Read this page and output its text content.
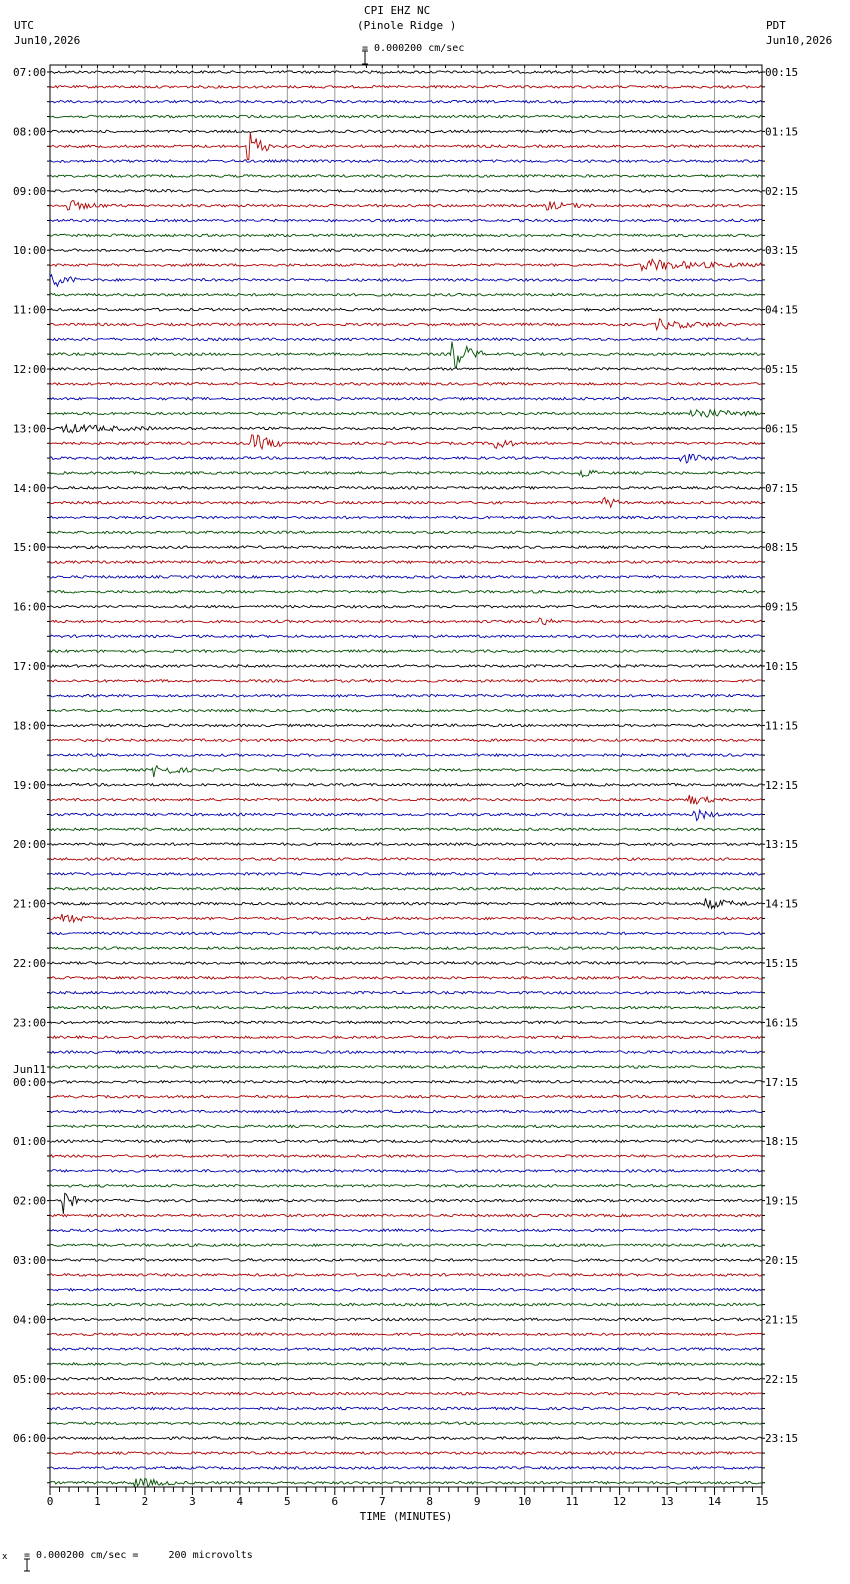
CPI EHZ NC
(Pinole Ridge )
UTC
Jun10,2026
PDT
Jun10,2026

= 0.000200 cm/sec
0	1	2	3	4	5	6	7	8	9	10	11	12	13	14	15
TIME (MINUTES)
07:00	00:15
08:00	01:15
09:00	02:15
10:00	03:15
11:00	04:15
12:00	05:15
13:00	06:15
14:00	07:15
15:00	08:15
16:00	09:15
17:00	10:15
18:00	11:15
19:00	12:15
20:00	13:15
21:00	14:15
22:00	15:15
23:00	16:15
00:00	17:15
Jun11
01:00	18:15
02:00	19:15
03:00	20:15
04:00	21:15
05:00	22:15
06:00	23:15
x

= 0.000200 cm/sec =     200 microvolts
